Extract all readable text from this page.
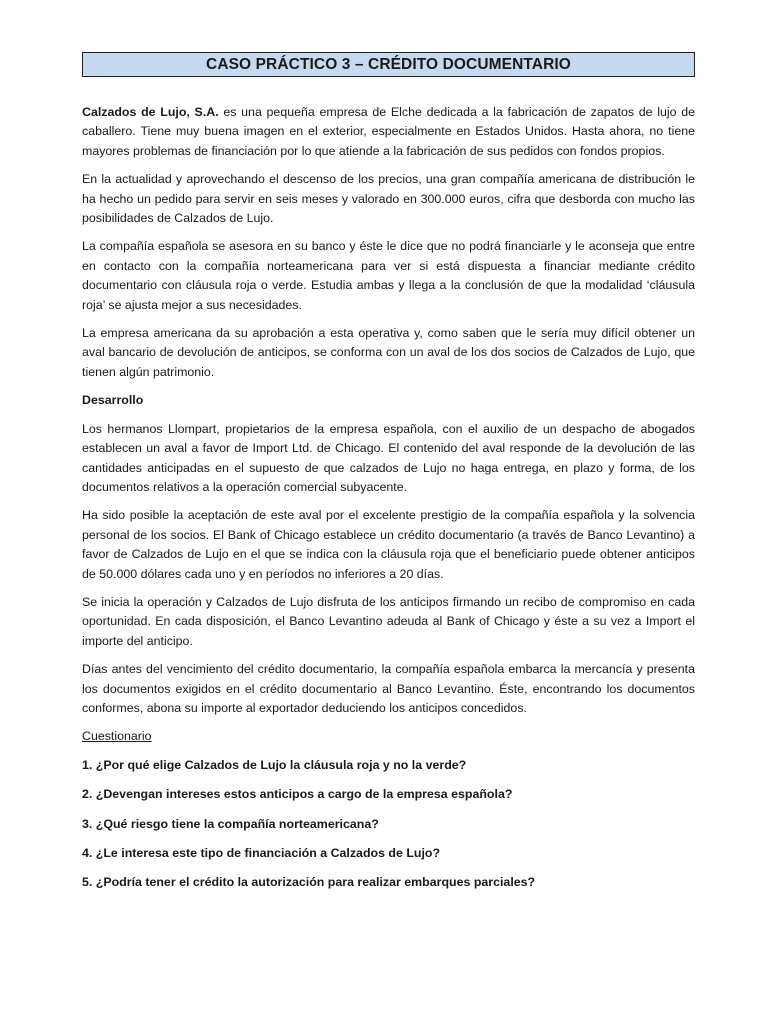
CASO PRÁCTICO 3 – CRÉDITO DOCUMENTARIO

Calzados de Lujo, S.A. es una pequeña empresa de Elche dedicada a la fabricación de zapatos de lujo de caballero. Tiene muy buena imagen en el exterior, especialmente en Estados Unidos. Hasta ahora, no tiene mayores problemas de financiación por lo que atiende a la fabricación de sus pedidos con fondos propios.

En la actualidad y aprovechando el descenso de los precios, una gran compañía americana de distribución le ha hecho un pedido para servir en seis meses y valorado en 300.000 euros, cifra que desborda con mucho las posibilidades de Calzados de Lujo.

La compañía española se asesora en su banco y éste le dice que no podrá financiarle y le aconseja que entre en contacto con la compañía norteamericana para ver si está dispuesta a financiar mediante crédito documentario con cláusula roja o verde. Estudia ambas y llega a la conclusión de que la modalidad ‘cláusula roja’ se ajusta mejor a sus necesidades.

La empresa americana da su aprobación a esta operativa y, como saben que le sería muy difícil obtener un aval bancario de devolución de anticipos, se conforma con un aval de los dos socios de Calzados de Lujo, que tienen algún patrimonio.

Desarrollo

Los hermanos Llompart, propietarios de la empresa española, con el auxilio de un despacho de abogados establecen un aval a favor de Import Ltd. de Chicago. El contenido del aval responde de la devolución de las cantidades anticipadas en el supuesto de que calzados de Lujo no haga entrega, en plazo y forma, de los documentos relativos a la operación comercial subyacente.

Ha sido posible la aceptación de este aval por el excelente prestigio de la compañía española y la solvencia personal de los socios. El Bank of Chicago establece un crédito documentario (a través de Banco Levantino) a favor de Calzados de Lujo en el que se indica con la cláusula roja que el beneficiario puede obtener anticipos de 50.000 dólares cada uno y en períodos no inferiores a 20 días.

Se inicia la operación y Calzados de Lujo disfruta de los anticipos firmando un recibo de compromiso en cada oportunidad. En cada disposición, el Banco Levantino adeuda al Bank of Chicago y éste a su vez a Import el importe del anticipo.

Días antes del vencimiento del crédito documentario, la compañía española embarca la mercancía y presenta los documentos exigidos en el crédito documentario al Banco Levantino. Éste, encontrando los documentos conformes, abona su importe al exportador deduciendo los anticipos concedidos.

Cuestionario
1. ¿Por qué elige Calzados de Lujo la cláusula roja y no la verde?
2. ¿Devengan intereses estos anticipos a cargo de la empresa española?
3. ¿Qué riesgo tiene la compañía norteamericana?
4. ¿Le interesa este tipo de financiación a Calzados de Lujo?
5. ¿Podría tener el crédito la autorización para realizar embarques parciales?
